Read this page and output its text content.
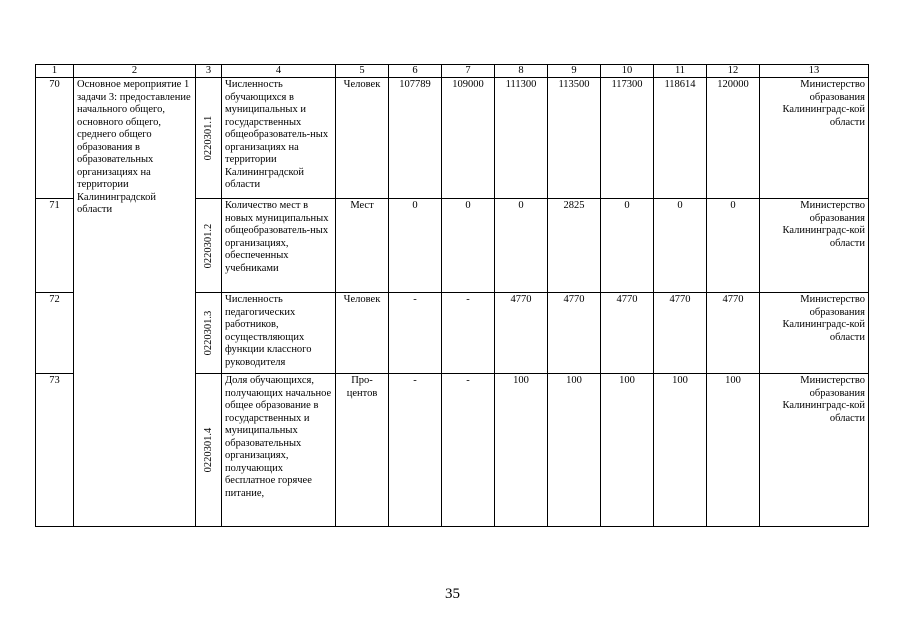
1	2	3	4	5	6	7	8	9	10	11	12	13
70	Основное мероприятие 1 задачи 3: предоставление начального общего, основного общего, среднего общего образования в образовательных организациях на территории Калининградской области	0220301.1	Численность обучающихся в муниципальных и государственных общеобразователь-ных организациях на территории Калининградской области	Человек	107789	109000	111300	113500	117300	118614	120000	Министерство образования Калининградс-кой области
71		0220301.2	Количество мест в новых муниципальных общеобразователь-ных организациях, обеспеченных учебниками	Мест	0	0	0	2825	0	0	0	Министерство образования Калининградс-кой области
72		0220301.3	Численность педагогических работников, осуществляющих функции классного руководителя	Человек	-	-	4770	4770	4770	4770	4770	Министерство образования Калининградс-кой области
73		0220301.4	Доля обучающихся, получающих начальное общее образование в государственных и муниципальных образовательных организациях, получающих бесплатное горячее питание,	Про-центов	-	-	100	100	100	100	100	Министерство образования Калининградс-кой области
35
